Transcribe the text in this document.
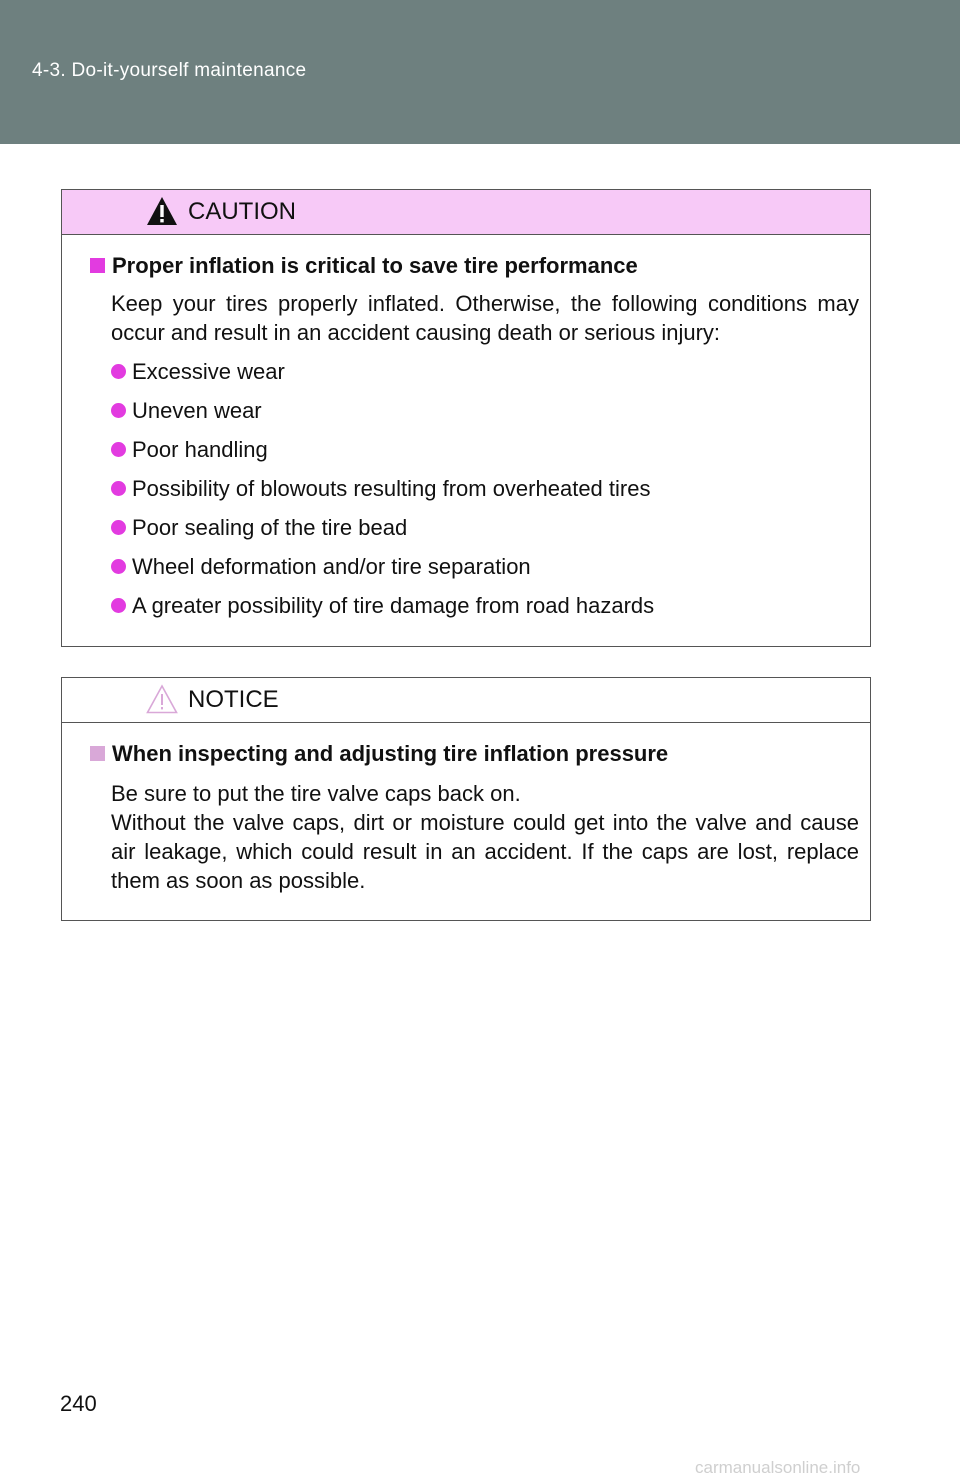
4-3. Do-it-yourself maintenance
CAUTION
Proper inflation is critical to save tire performance
Keep your tires properly inflated. Otherwise, the following conditions may occur and result in an accident causing death or serious injury:
Excessive wear
Uneven wear
Poor handling
Possibility of blowouts resulting from overheated tires
Poor sealing of the tire bead
Wheel deformation and/or tire separation
A greater possibility of tire damage from road hazards
NOTICE
When inspecting and adjusting tire inflation pressure
Be sure to put the tire valve caps back on.
Without the valve caps, dirt or moisture could get into the valve and cause air leakage, which could result in an accident. If the caps are lost, replace them as soon as possible.
240
carmanualsonline.info
